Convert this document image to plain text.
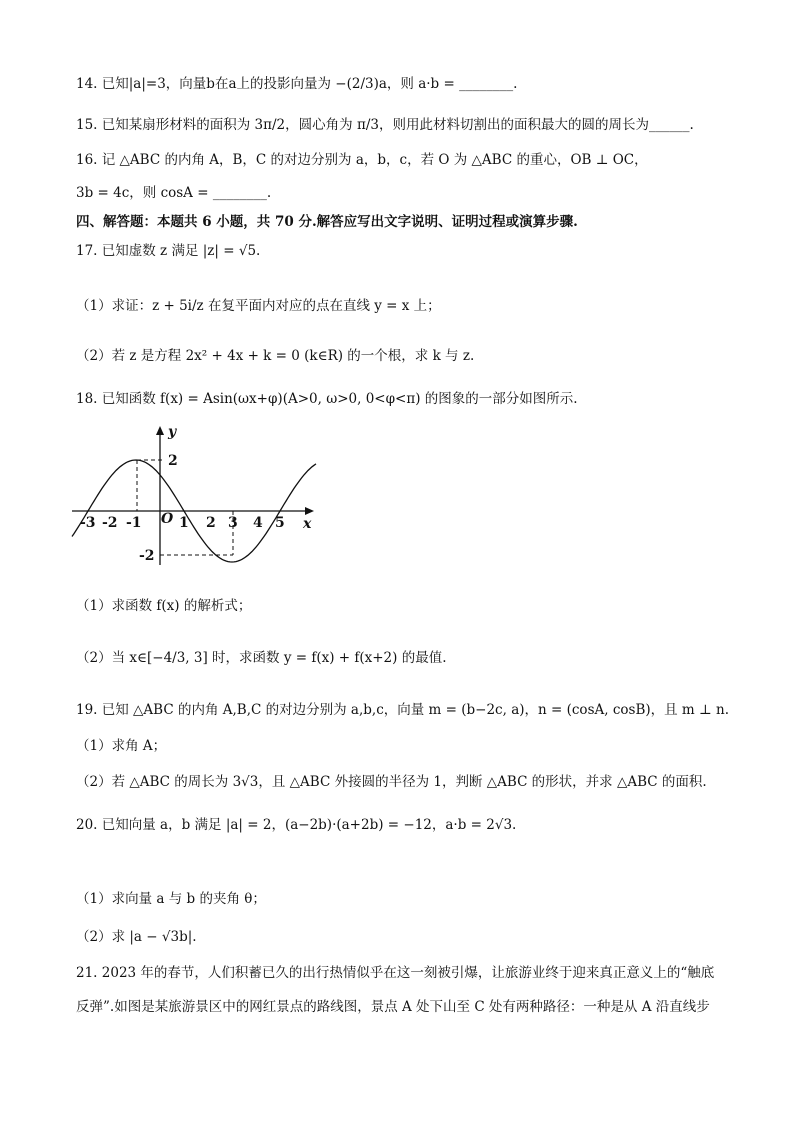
14. 已知|a|=3，向量b在a上的投影向量为 −(2/3)a，则 a·b = ________.
15. 已知某扇形材料的面积为 3π/2，圆心角为 π/3，则用此材料切割出的面积最大的圆的周长为______.
16. 记 △ABC 的内角 A，B，C 的对边分别为 a，b，c，若 O 为 △ABC 的重心，OB ⊥ OC，
3b = 4c，则 cosA = ________.
四、解答题：本题共 6 小题，共 70 分.解答应写出文字说明、证明过程或演算步骤.
17. 已知虚数 z 满足 |z| = √5.
（1）求证：z + 5i/z 在复平面内对应的点在直线 y = x 上；
（2）若 z 是方程 2x² + 4x + k = 0 (k∈R) 的一个根，求 k 与 z.
18. 已知函数 f(x) = Asin(ωx+φ)(A>0, ω>0, 0<φ<π) 的图象的一部分如图所示.
y
x
O
2
-2
-3 -2 -1	1 2 3 4 5
（1）求函数 f(x) 的解析式；
（2）当 x∈[−4/3, 3] 时，求函数 y = f(x) + f(x+2) 的最值.
19. 已知 △ABC 的内角 A,B,C 的对边分别为 a,b,c，向量 m = (b−2c, a)，n = (cosA, cosB)，且 m ⊥ n.
（1）求角 A；
（2）若 △ABC 的周长为 3√3，且 △ABC 外接圆的半径为 1，判断 △ABC 的形状，并求 △ABC 的面积.
20. 已知向量 a，b 满足 |a| = 2，(a−2b)·(a+2b) = −12，a·b = 2√3.
（1）求向量 a 与 b 的夹角 θ；
（2）求 |a − √3b|.
21. 2023 年的春节，人们积蓄已久的出行热情似乎在这一刻被引爆，让旅游业终于迎来真正意义上的“触底
反弹”.如图是某旅游景区中的网红景点的路线图，景点 A 处下山至 C 处有两种路径：一种是从 A 沿直线步
